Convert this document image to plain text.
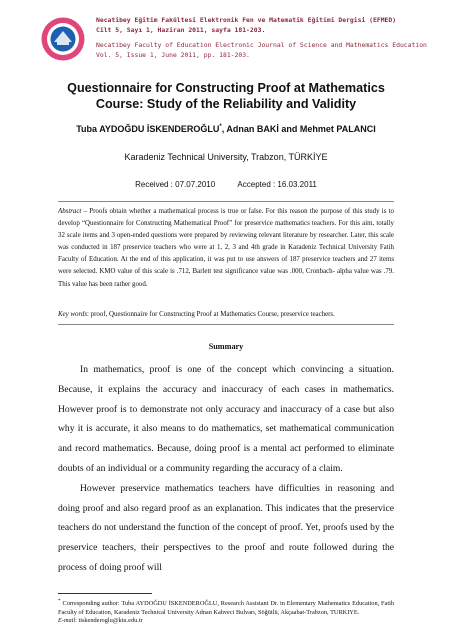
Necatibey Eğitim Fakültesi Elektronik Fen ve Matematik Eğitimi Dergisi (EFMED)
Cilt 5, Sayı 1, Haziran 2011, sayfa 181-203.
Necatibey Faculty of Education Electronic Journal of Science and Mathematics Education
Vol. 5, Issue 1, June 2011, pp. 181-203.
Questionnaire for Constructing Proof at Mathematics
Course: Study of the Reliability and Validity
Tuba AYDOĞDU İSKENDEROĞLU*, Adnan BAKİ and Mehmet PALANCI
Karadeniz Technical University, Trabzon, TÜRKİYE
Received : 07.07.2010	Accepted : 16.03.2011
Abstract – Proofs obtain whether a mathematical process is true or false. For this reason the purpose of this study is to develop “Questionnaire for Constructing Mathematical Proof” for preservice mathematics teachers. For this aim, totally 32 scale items and 3 open-ended questions were prepared by reviewing relevant literature by researcher. Later, this scale was conducted in 187 preservice teachers who were at 1, 2, 3 and 4th grade in Karadeniz Technical University Fatih Faculty of Education. At the end of this application, it was put to use answers of 187 preservice teachers and 27 items were selected. KMO value of this scale is .712, Barlett test significance value was .000, Cronbach- alpha value was .79. This value has been rather good.
Key words: proof, Questionnaire for Constructing Proof at Mathematics Course, preservice teachers.
Summary

In mathematics, proof is one of the concept which convincing a situation. Because, it explains the accuracy and inaccuracy of each cases in mathematics. However proof is to demonstrate not only accuracy and inaccuracy of a case but also why it is accurate, it also means to do mathematics, set mathematical communication and record mathematics. Because, doing proof is a mental act performed to eliminate doubts of an individual or a community regarding the accuracy of a claim.

However preservice mathematics teachers have difficulties in reasoning and doing proof and also regard proof as an explanation. This indicates that the preservice teachers do not understand the function of the concept of proof. Yet, proofs used by the preservice teachers, their perspectives to the proof and route followed during the process of doing proof will

* Corresponding author: Tuba AYDOĞDU İSKENDEROĞLU, Research Assistant Dr. in Elementary Mathematics Education, Fatih Faculty of Education, Karadeniz Technical University Adnan Kahveci Bulvarı, Söğütlü, Akçaabat-Trabzon, TURKIYE.
E-mail: tiskenderoglu@ktu.edu.tr
